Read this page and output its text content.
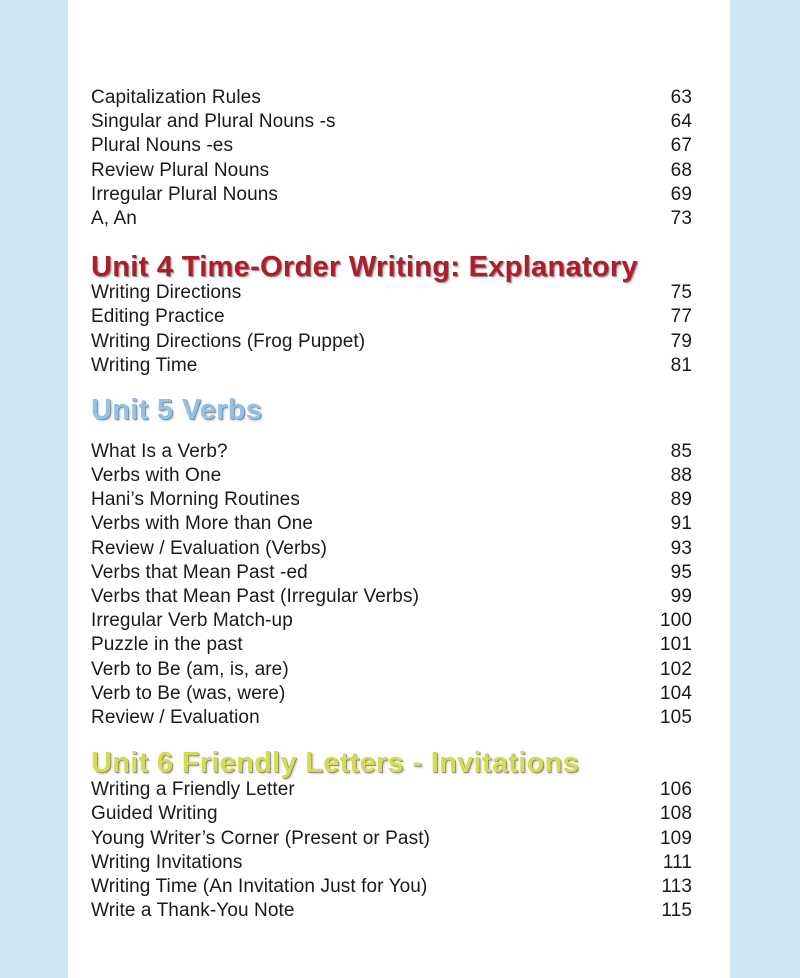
Capitalization Rules	63
Singular and Plural Nouns -s	64
Plural Nouns -es	67
Review Plural Nouns	68
Irregular Plural Nouns	69
A, An	73
Unit 4 Time-Order Writing: Explanatory
Writing Directions	75
Editing Practice	77
Writing Directions (Frog Puppet)	79
Writing Time	81
Unit 5 Verbs
What Is a Verb?	85
Verbs with One	88
Hani’s Morning Routines	89
Verbs with More than One	91
Review / Evaluation (Verbs)	93
Verbs that Mean Past -ed	95
Verbs that Mean Past (Irregular Verbs)	99
Irregular Verb Match-up	100
Puzzle in the past	101
Verb to Be (am, is, are)	102
Verb to Be (was, were)	104
Review / Evaluation	105
Unit 6 Friendly Letters - Invitations
Writing a Friendly Letter	106
Guided Writing	108
Young Writer’s Corner (Present or Past)	109
Writing Invitations	111
Writing Time (An Invitation Just for You)	113
Write a Thank-You Note	115
